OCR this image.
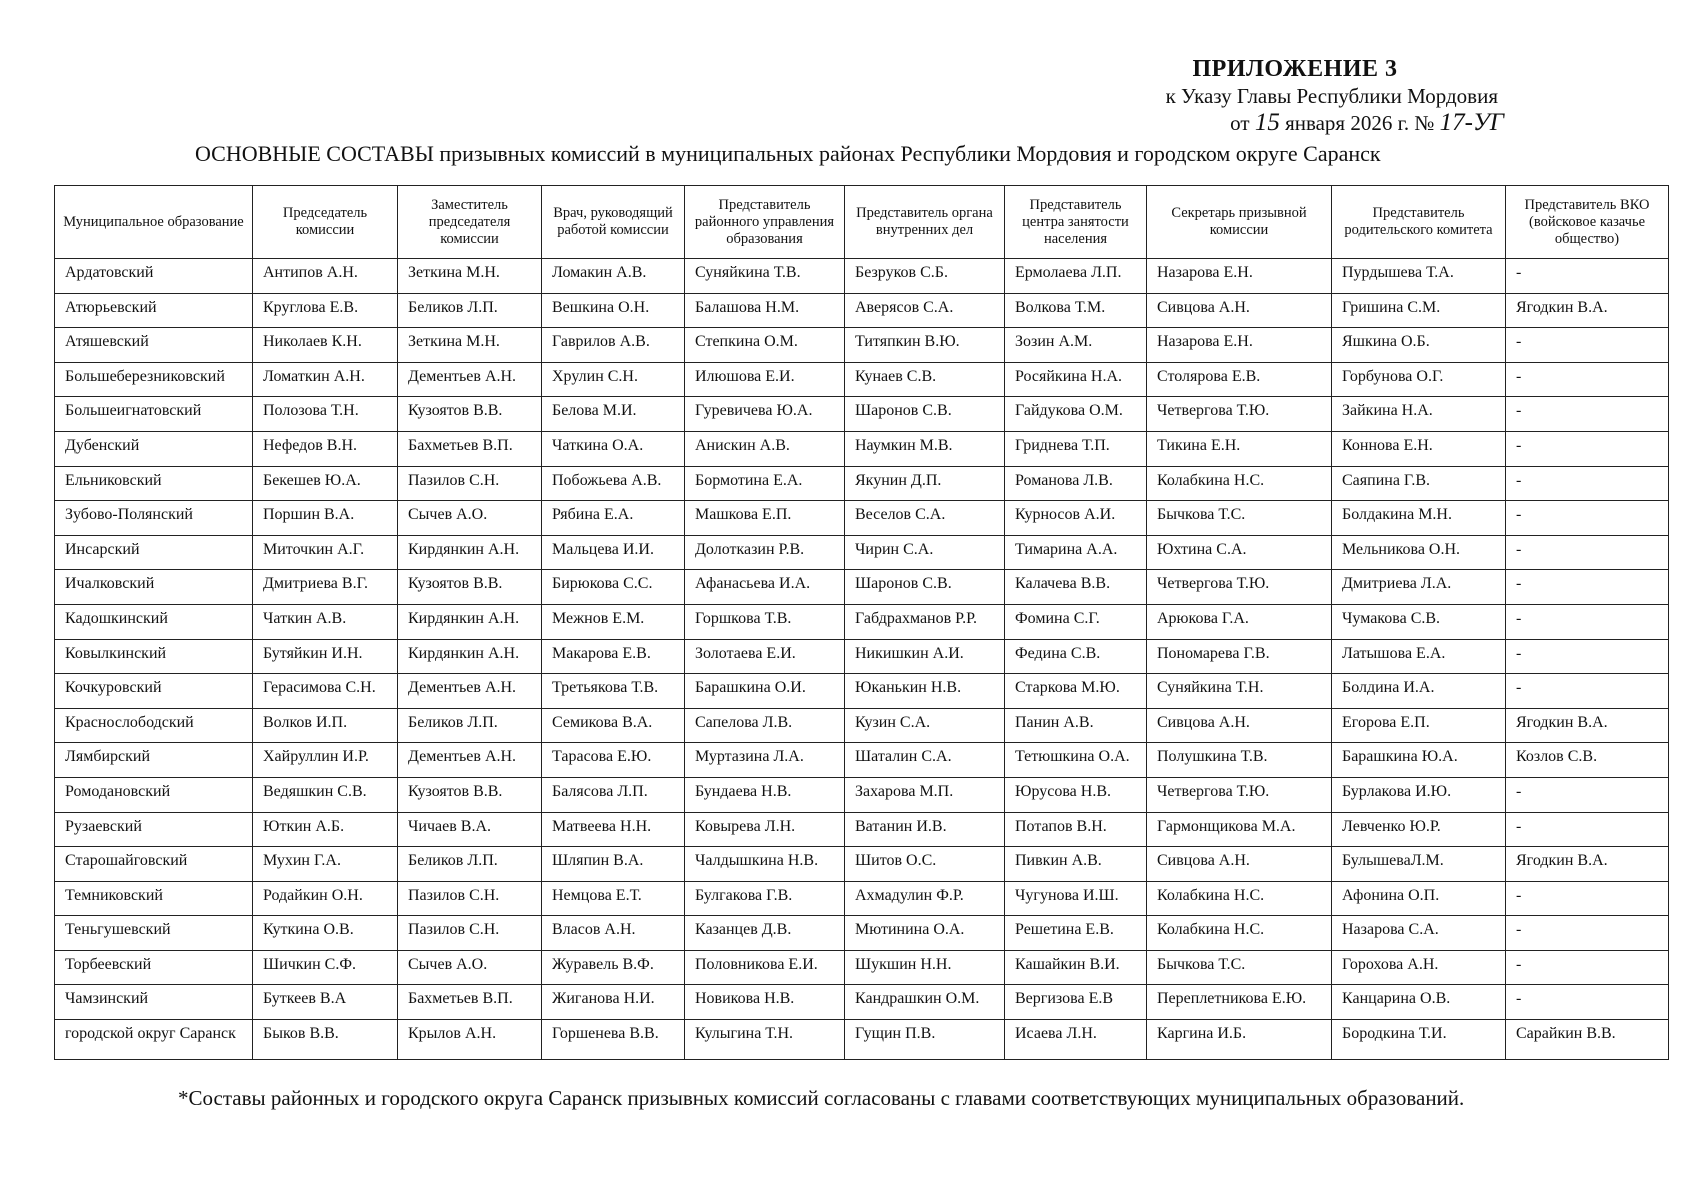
ПРИЛОЖЕНИЕ 3
к Указу Главы Республики Мордовия
от 15 января 2026 г. № 17-УГ
ОСНОВНЫЕ СОСТАВЫ призывных комиссий в муниципальных районах Республики Мордовия и городском округе Саранск
Муниципальное образование	Председатель комиссии	Заместитель председателя комиссии	Врач, руководящий работой комиссии	Представитель районного управления образования	Представитель органа внутренних дел	Представитель центра занятости населения	Секретарь призывной комиссии	Представитель родительского комитета	Представитель ВКО (войсковое казачье общество)
Ардатовский	Антипов А.Н.	Зеткина М.Н.	Ломакин А.В.	Суняйкина Т.В.	Безруков С.Б.	Ермолаева Л.П.	Назарова Е.Н.	Пурдышева Т.А.	-
Атюрьевский	Круглова Е.В.	Беликов Л.П.	Вешкина О.Н.	Балашова Н.М.	Аверясов С.А.	Волкова Т.М.	Сивцова А.Н.	Гришина С.М.	Ягодкин В.А.
Атяшевский	Николаев К.Н.	Зеткина М.Н.	Гаврилов А.В.	Степкина О.М.	Титяпкин В.Ю.	Зозин А.М.	Назарова Е.Н.	Яшкина О.Б.	-
Большеберезниковский	Ломаткин А.Н.	Дементьев А.Н.	Хрулин С.Н.	Илюшова Е.И.	Кунаев С.В.	Росяйкина Н.А.	Столярова Е.В.	Горбунова О.Г.	-
Большеигнатовский	Полозова Т.Н.	Кузоятов В.В.	Белова М.И.	Гуревичева Ю.А.	Шаронов С.В.	Гайдукова О.М.	Четвергова Т.Ю.	Зайкина Н.А.	-
Дубенский	Нефедов В.Н.	Бахметьев В.П.	Чаткина О.А.	Анискин А.В.	Наумкин М.В.	Гриднева Т.П.	Тикина Е.Н.	Коннова Е.Н.	-
Ельниковский	Бекешев Ю.А.	Пазилов С.Н.	Побожьева А.В.	Бормотина Е.А.	Якунин Д.П.	Романова Л.В.	Колабкина Н.С.	Саяпина Г.В.	-
Зубово-Полянский	Поршин В.А.	Сычев А.О.	Рябина Е.А.	Машкова Е.П.	Веселов С.А.	Курносов А.И.	Бычкова Т.С.	Болдакина М.Н.	-
Инсарский	Миточкин А.Г.	Кирдянкин А.Н.	Мальцева И.И.	Долотказин Р.В.	Чирин С.А.	Тимарина А.А.	Юхтина С.А.	Мельникова О.Н.	-
Ичалковский	Дмитриева В.Г.	Кузоятов В.В.	Бирюкова С.С.	Афанасьева И.А.	Шаронов С.В.	Калачева В.В.	Четвергова Т.Ю.	Дмитриева Л.А.	-
Кадошкинский	Чаткин А.В.	Кирдянкин А.Н.	Межнов Е.М.	Горшкова Т.В.	Габдрахманов Р.Р.	Фомина С.Г.	Арюкова Г.А.	Чумакова С.В.	-
Ковылкинский	Бутяйкин И.Н.	Кирдянкин А.Н.	Макарова Е.В.	Золотаева Е.И.	Никишкин А.И.	Федина С.В.	Пономарева Г.В.	Латышова Е.А.	-
Кочкуровский	Герасимова С.Н.	Дементьев А.Н.	Третьякова Т.В.	Барашкина О.И.	Юканькин Н.В.	Старкова М.Ю.	Суняйкина Т.Н.	Болдина И.А.	-
Краснослободский	Волков И.П.	Беликов Л.П.	Семикова В.А.	Сапелова Л.В.	Кузин С.А.	Панин А.В.	Сивцова А.Н.	Егорова Е.П.	Ягодкин В.А.
Лямбирский	Хайруллин И.Р.	Дементьев А.Н.	Тарасова Е.Ю.	Муртазина Л.А.	Шаталин С.А.	Тетюшкина О.А.	Полушкина Т.В.	Барашкина Ю.А.	Козлов С.В.
Ромодановский	Ведяшкин С.В.	Кузоятов В.В.	Балясова Л.П.	Бундаева Н.В.	Захарова М.П.	Юрусова Н.В.	Четвергова Т.Ю.	Бурлакова И.Ю.	-
Рузаевский	Юткин А.Б.	Чичаев В.А.	Матвеева Н.Н.	Ковырева Л.Н.	Ватанин И.В.	Потапов В.Н.	Гармонщикова М.А.	Левченко Ю.Р.	-
Старошайговский	Мухин Г.А.	Беликов Л.П.	Шляпин В.А.	Чалдышкина Н.В.	Шитов О.С.	Пивкин А.В.	Сивцова А.Н.	БулышеваЛ.М.	Ягодкин В.А.
Темниковский	Родайкин О.Н.	Пазилов С.Н.	Немцова Е.Т.	Булгакова Г.В.	Ахмадулин Ф.Р.	Чугунова И.Ш.	Колабкина Н.С.	Афонина О.П.	-
Теньгушевский	Куткина О.В.	Пазилов С.Н.	Власов А.Н.	Казанцев Д.В.	Мютинина О.А.	Решетина Е.В.	Колабкина Н.С.	Назарова С.А.	-
Торбеевский	Шичкин С.Ф.	Сычев А.О.	Журавель В.Ф.	Половникова Е.И.	Шукшин Н.Н.	Кашайкин В.И.	Бычкова Т.С.	Горохова А.Н.	-
Чамзинский	Буткеев В.А	Бахметьев В.П.	Жиганова Н.И.	Новикова Н.В.	Кандрашкин О.М.	Вергизова Е.В	Переплетникова Е.Ю.	Канцарина О.В.	-
городской округ Саранск	Быков В.В.	Крылов А.Н.	Горшенева В.В.	Кулыгина Т.Н.	Гущин П.В.	Исаева Л.Н.	Каргина И.Б.	Бородкина Т.И.	Сарайкин В.В.
*Составы районных и городского округа Саранск призывных комиссий согласованы с главами соответствующих муниципальных образований.
